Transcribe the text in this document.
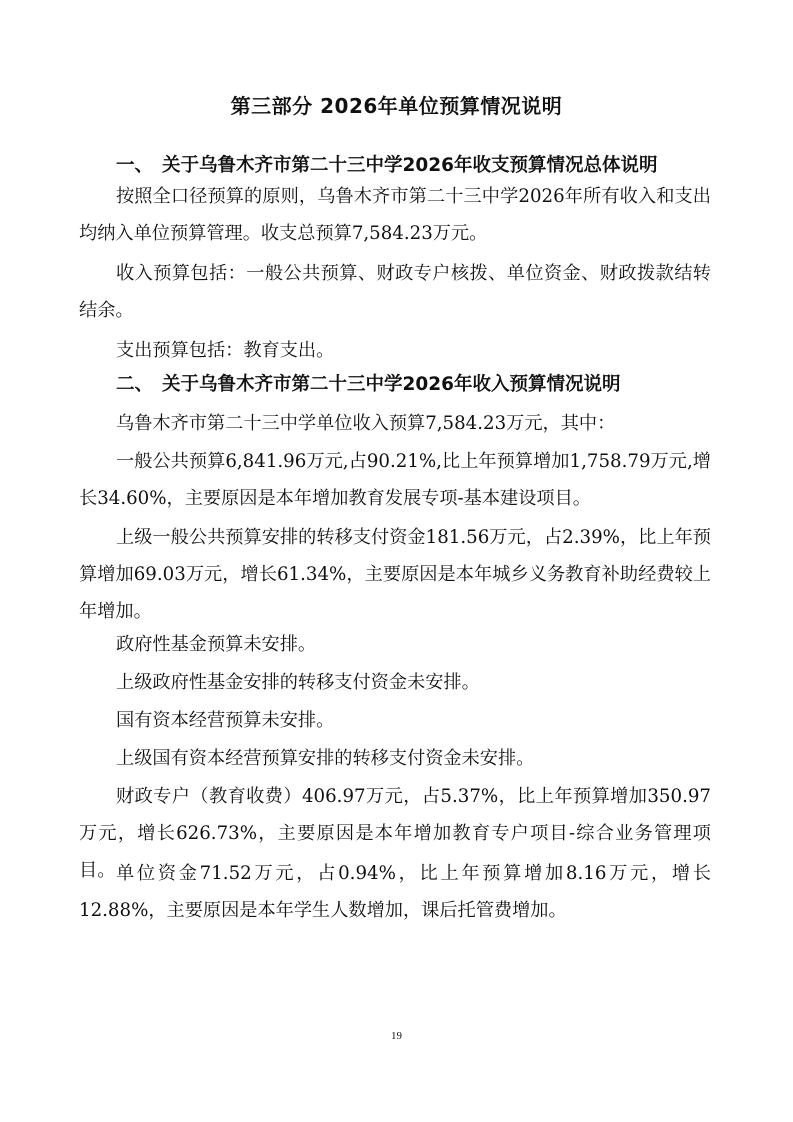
第三部分 2026年单位预算情况说明
一、 关于乌鲁木齐市第二十三中学2026年收支预算情况总体说明

按照全口径预算的原则，乌鲁木齐市第二十三中学2026年所有收入和支出均纳入单位预算管理。收支总预算7,584.23万元。

收入预算包括：一般公共预算、财政专户核拨、单位资金、财政拨款结转结余。

支出预算包括：教育支出。

二、 关于乌鲁木齐市第二十三中学2026年收入预算情况说明

乌鲁木齐市第二十三中学单位收入预算7,584.23万元，其中：

一般公共预算6,841.96万元,占90.21%,比上年预算增加1,758.79万元,增长34.60%，主要原因是本年增加教育发展专项-基本建设项目。

上级一般公共预算安排的转移支付资金181.56万元，占2.39%，比上年预算增加69.03万元，增长61.34%，主要原因是本年城乡义务教育补助经费较上年增加。

政府性基金预算未安排。

上级政府性基金安排的转移支付资金未安排。

国有资本经营预算未安排。

上级国有资本经营预算安排的转移支付资金未安排。

财政专户（教育收费）406.97万元，占5.37%，比上年预算增加350.97万元，增长626.73%，主要原因是本年增加教育专户项目-综合业务管理项目。 单位资金71.52万元，占0.94%，比上年预算增加8.16万元，增长12.88%，主要原因是本年学生人数增加，课后托管费增加。

19
